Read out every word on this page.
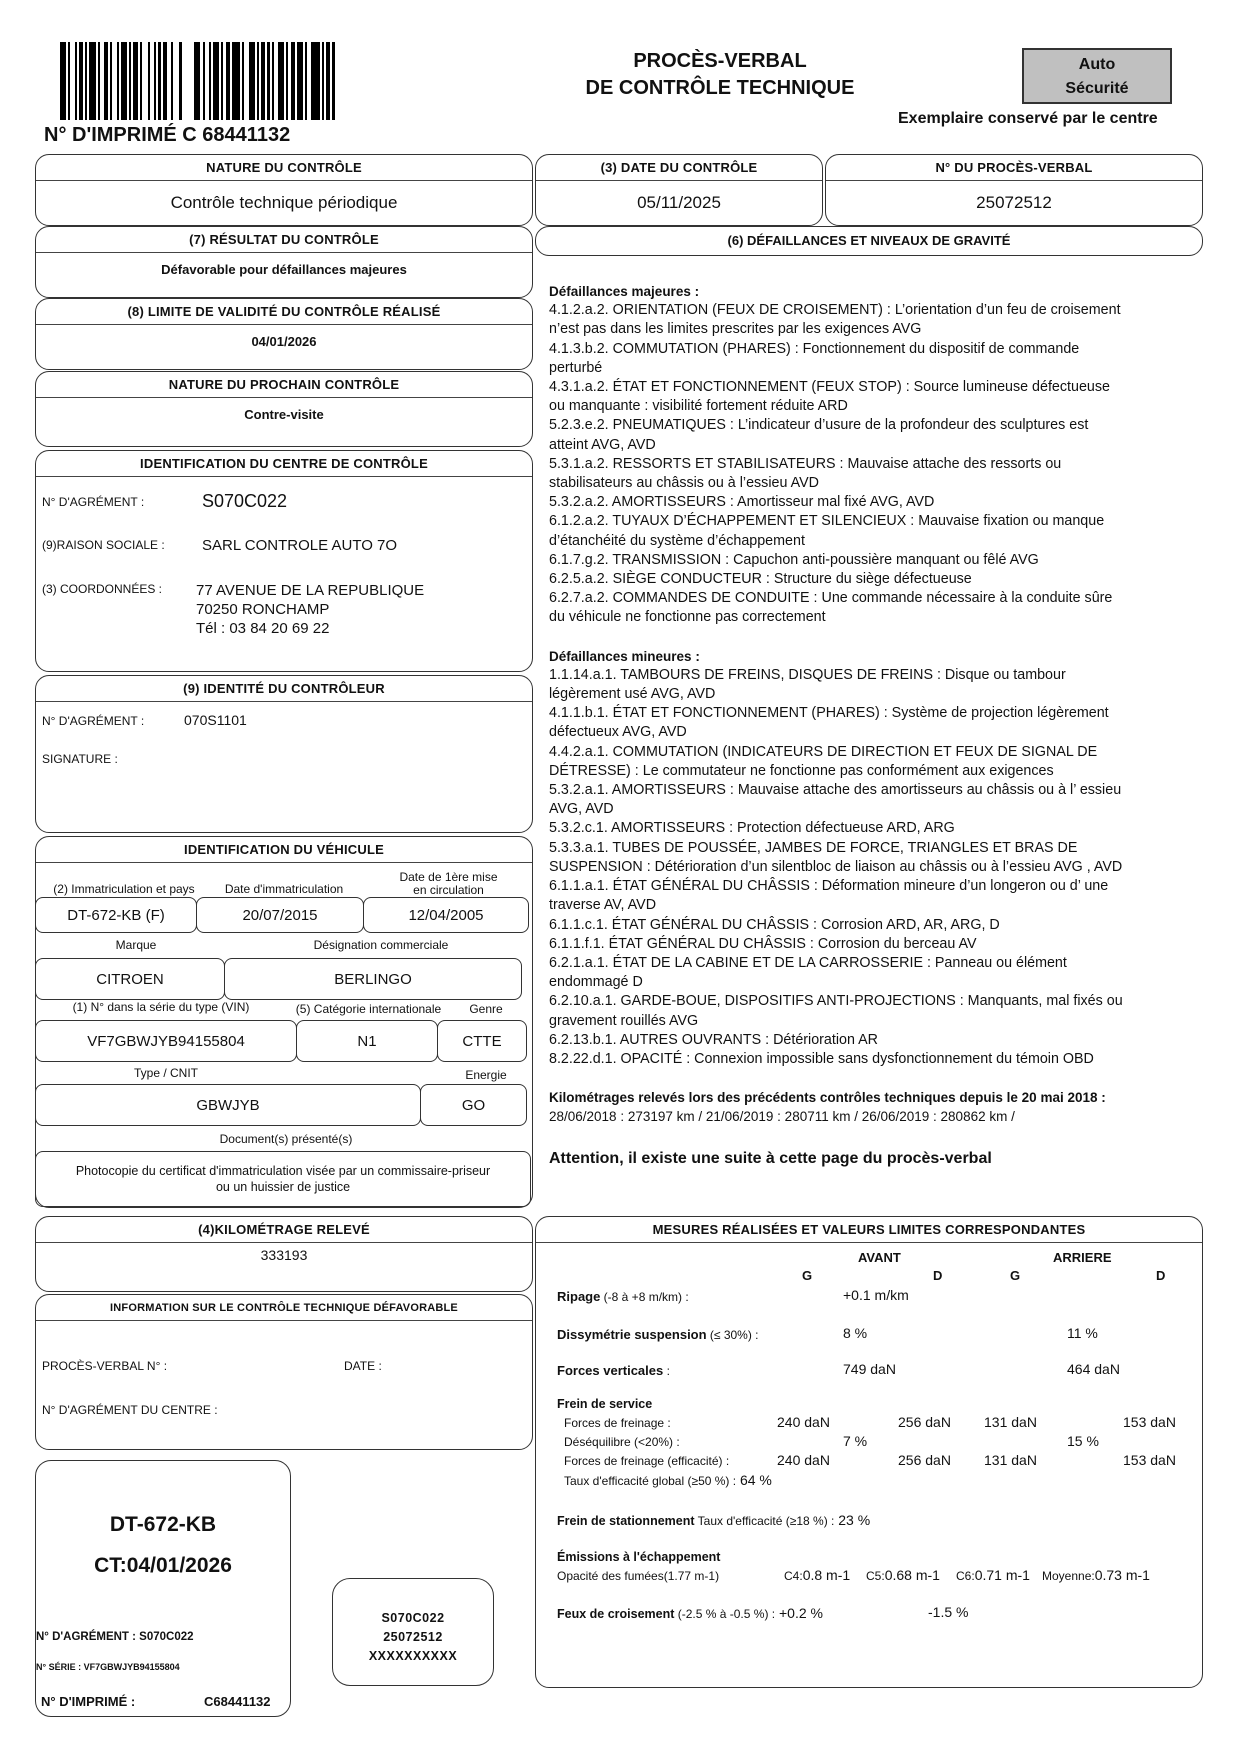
N° D'IMPRIMÉ C 68441132
PROCÈS-VERBAL
DE CONTRÔLE TECHNIQUE
Auto
Sécurité
Exemplaire conservé par le centre
NATURE DU CONTRÔLE
Contrôle technique périodique
(3) DATE DU CONTRÔLE
05/11/2025
N° DU PROCÈS-VERBAL
25072512
(7) RÉSULTAT DU CONTRÔLE
Défavorable pour défaillances majeures
(8) LIMITE DE VALIDITÉ DU CONTRÔLE RÉALISÉ
04/01/2026
NATURE DU PROCHAIN CONTRÔLE
Contre-visite
IDENTIFICATION DU CENTRE DE CONTRÔLE
N° D'AGRÉMENT :	S070C022
(9)RAISON SOCIALE : SARL CONTROLE AUTO 7O
(3) COORDONNÉES : 77 AVENUE DE LA REPUBLIQUE
70250 RONCHAMP
Tél : 03 84 20 69 22
(9) IDENTITÉ DU CONTRÔLEUR
N° D'AGRÉMENT :	070S1101
SIGNATURE :
IDENTIFICATION DU VÉHICULE
(2) Immatriculation et pays	Date d'immatriculation
Date de 1ère mise
en circulation
DT-672-KB (F)	20/07/2015	12/04/2005
Marque	Désignation commerciale
CITROEN	BERLINGO
(1) N° dans la série du type (VIN)	(5) Catégorie internationale	Genre
VF7GBWJYB94155804	N1	CTTE
Type / CNIT	Energie
GBWJYB	GO
Document(s) présenté(s)
Photocopie du certificat d'immatriculation visée par un commissaire-priseur
ou un huissier de justice
(4)KILOMÉTRAGE RELEVÉ
333193
INFORMATION SUR LE CONTRÔLE TECHNIQUE DÉFAVORABLE
PROCÈS-VERBAL N° :	DATE :
N° D'AGRÉMENT DU CENTRE :
DT-672-KB
CT:04/01/2026
N° D'AGRÉMENT : S070C022
N° SÉRIE : VF7GBWJYB94155804
N° D'IMPRIMÉ :	C68441132
S070C022
25072512
XXXXXXXXXX
(6) DÉFAILLANCES ET NIVEAUX DE GRAVITÉ
Défaillances majeures :
4.1.2.a.2. ORIENTATION (FEUX DE CROISEMENT) : L’orientation d’un feu de croisement n’est pas dans les limites prescrites par les exigences AVG
4.1.3.b.2. COMMUTATION (PHARES) : Fonctionnement du dispositif de commande perturbé
4.3.1.a.2. ÉTAT ET FONCTIONNEMENT (FEUX STOP) : Source lumineuse défectueuse ou manquante : visibilité fortement réduite ARD
5.2.3.e.2. PNEUMATIQUES : L’indicateur d’usure de la profondeur des sculptures est atteint AVG, AVD
5.3.1.a.2. RESSORTS ET STABILISATEURS : Mauvaise attache des ressorts ou stabilisateurs au châssis ou à l’essieu AVD
5.3.2.a.2. AMORTISSEURS : Amortisseur mal fixé AVG, AVD
6.1.2.a.2. TUYAUX D’ÉCHAPPEMENT ET SILENCIEUX : Mauvaise fixation ou manque d’étanchéité du système d’échappement
6.1.7.g.2. TRANSMISSION : Capuchon anti-poussière manquant ou fêlé AVG
6.2.5.a.2. SIÈGE CONDUCTEUR : Structure du siège défectueuse
6.2.7.a.2. COMMANDES DE CONDUITE : Une commande nécessaire à la conduite sûre du véhicule ne fonctionne pas correctement
Défaillances mineures :
1.1.14.a.1. TAMBOURS DE FREINS, DISQUES DE FREINS : Disque ou tambour légèrement usé AVG, AVD
4.1.1.b.1. ÉTAT ET FONCTIONNEMENT (PHARES) : Système de projection légèrement défectueux AVG, AVD
4.4.2.a.1. COMMUTATION (INDICATEURS DE DIRECTION ET FEUX DE SIGNAL DE DÉTRESSE) : Le commutateur ne fonctionne pas conformément aux exigences
5.3.2.a.1. AMORTISSEURS : Mauvaise attache des amortisseurs au châssis ou à l’ essieu AVG, AVD
5.3.2.c.1. AMORTISSEURS : Protection défectueuse ARD, ARG
5.3.3.a.1. TUBES DE POUSSÉE, JAMBES DE FORCE, TRIANGLES ET BRAS DE SUSPENSION : Détérioration d’un silentbloc de liaison au châssis ou à l’essieu AVG , AVD
6.1.1.a.1. ÉTAT GÉNÉRAL DU CHÂSSIS : Déformation mineure d’un longeron ou d’ une traverse AV, AVD
6.1.1.c.1. ÉTAT GÉNÉRAL DU CHÂSSIS : Corrosion ARD, AR, ARG, D
6.1.1.f.1. ÉTAT GÉNÉRAL DU CHÂSSIS : Corrosion du berceau AV
6.2.1.a.1. ÉTAT DE LA CABINE ET DE LA CARROSSERIE : Panneau ou élément endommagé D
6.2.10.a.1. GARDE-BOUE, DISPOSITIFS ANTI-PROJECTIONS : Manquants, mal fixés ou gravement rouillés AVG
6.2.13.b.1. AUTRES OUVRANTS : Détérioration AR
8.2.22.d.1. OPACITÉ : Connexion impossible sans dysfonctionnement du témoin OBD
Kilométrages relevés lors des précédents contrôles techniques depuis le 20 mai 2018 : 28/06/2018 : 273197 km / 21/06/2019 : 280711 km / 26/06/2019 : 280862 km /
Attention, il existe une suite à cette page du procès-verbal
MESURES RÉALISÉES ET VALEURS LIMITES CORRESPONDANTES
AVANT	ARRIERE
G	D	G	D
Ripage (-8 à +8 m/km) :	+0.1 m/km
Dissymétrie suspension (≤ 30%) :	8 %	11 %
Forces verticales :	749 daN	464 daN
Frein de service
Forces de freinage :	240 daN	256 daN 131 daN	153 daN
Déséquilibre (<20%) :	7 %	15 %
Forces de freinage (efficacité) :	240 daN	256 daN 131 daN	153 daN
Taux d'efficacité global (≥50 %) : 64 %
Frein de stationnement Taux d'efficacité (≥18 %) : 23 %
Émissions à l'échappement
Opacité des fumées(1.77 m-1)	C4:0.8 m-1 C5:0.68 m-1 C6:0.71 m-1 Moyenne:0.73 m-1
Feux de croisement (-2.5 % à -0.5 %) : +0.2 %	-1.5 %
